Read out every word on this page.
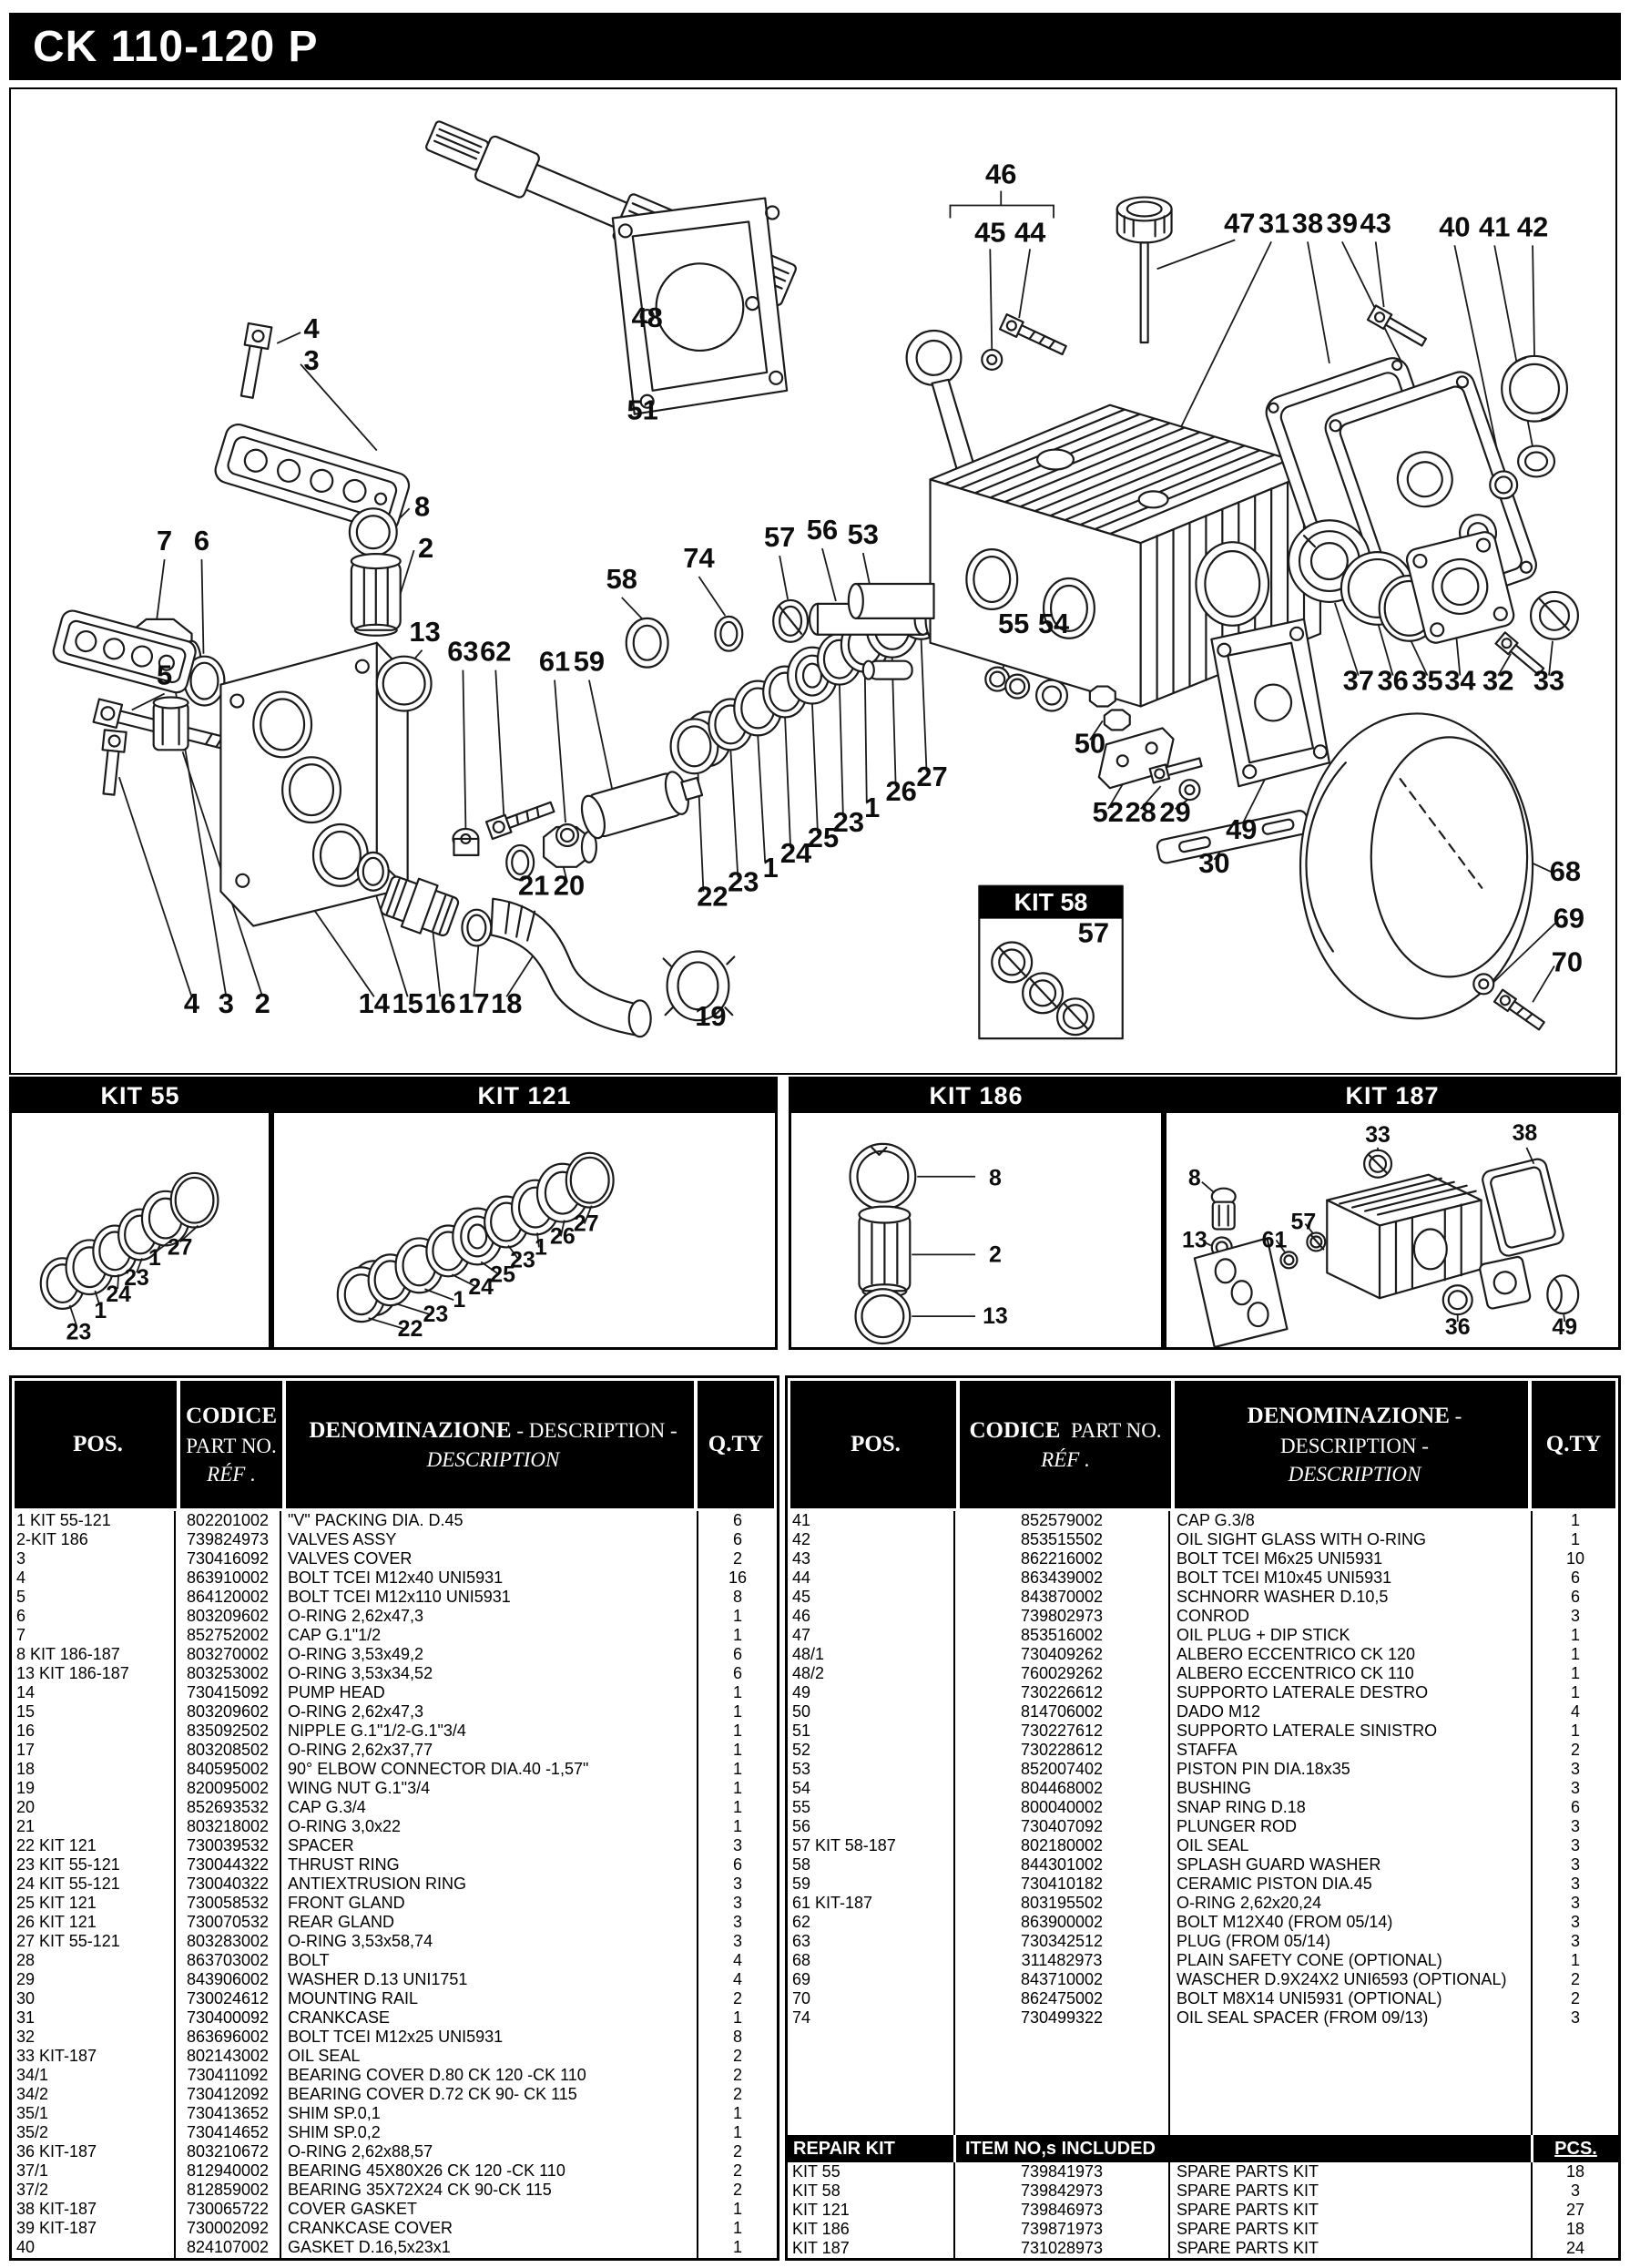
CK 110-120 P
KIT 58
46
45 44	47 31 38 39 43 40 41 42
4
3
48
51
8
2
7 6
74
57 56 53
13
58
63 62 61 59
55 54
37 36 35 34 32 33
5
50
26 27
1
23
25
24
23 1
22
21 20
52 28 29
30
49
68
69
70
4 3 2	14 15 16 17 18	19
57
KIT 55
23
1
24
23
1 27
KIT 121
22
23
1 24
25
23 1 26
27
KIT 186
8
2
13
KIT 187
8
13 61
57
33	38
36	49
POS.
CODICE
PART NO.
RÉF .
DENOMINAZIONE - DESCRIPTION -
DESCRIPTION
Q.TY
1 KIT 55-121	802201002	"V" PACKING DIA. D.45	6
2-KIT 186	739824973	VALVES ASSY	6
3	730416092	VALVES COVER	2
4	863910002	BOLT TCEI M12x40 UNI5931	16
5	864120002	BOLT TCEI M12x110 UNI5931	8
6	803209602	O-RING 2,62x47,3	1
7	852752002	CAP G.1"1/2	1
8 KIT 186-187	803270002	O-RING 3,53x49,2	6
13 KIT 186-187	803253002	O-RING 3,53x34,52	6
14	730415092	PUMP HEAD	1
15	803209602	O-RING 2,62x47,3	1
16	835092502	NIPPLE G.1"1/2-G.1"3/4	1
17	803208502	O-RING 2,62x37,77	1
18	840595002	90° ELBOW CONNECTOR DIA.40 -1,57"	1
19	820095002	WING NUT G.1"3/4	1
20	852693532	CAP G.3/4	1
21	803218002	O-RING 3,0x22	1
22 KIT 121	730039532	SPACER	3
23 KIT 55-121	730044322	THRUST RING	6
24 KIT 55-121	730040322	ANTIEXTRUSION RING	3
25 KIT 121	730058532	FRONT GLAND	3
26 KIT 121	730070532	REAR GLAND	3
27 KIT 55-121	803283002	O-RING 3,53x58,74	3
28	863703002	BOLT	4
29	843906002	WASHER D.13 UNI1751	4
30	730024612	MOUNTING RAIL	2
31	730400092	CRANKCASE	1
32	863696002	BOLT TCEI M12x25 UNI5931	8
33 KIT-187	802143002	OIL SEAL	2
34/1	730411092	BEARING COVER D.80 CK 120 -CK 110	2
34/2	730412092	BEARING COVER D.72 CK 90- CK 115	2
35/1	730413652	SHIM SP.0,1	1
35/2	730414652	SHIM SP.0,2	1
36 KIT-187	803210672	O-RING 2,62x88,57	2
37/1	812940002	BEARING 45X80X26 CK 120 -CK 110	2
37/2	812859002	BEARING 35X72X24 CK 90-CK 115	2
38 KIT-187	730065722	COVER GASKET	1
39 KIT-187	730002092	CRANKCASE COVER	1
40	824107002	GASKET D.16,5x23x1	1
POS.
CODICE PART NO.
RÉF .
DENOMINAZIONE - DESCRIPTION -
DESCRIPTION
Q.TY
41	852579002	CAP G.3/8	1
42	853515502	OIL SIGHT GLASS WITH O-RING	1
43	862216002	BOLT TCEI M6x25 UNI5931	10
44	863439002	BOLT TCEI M10x45 UNI5931	6
45	843870002	SCHNORR WASHER D.10,5	6
46	739802973	CONROD	3
47	853516002	OIL PLUG + DIP STICK	1
48/1	730409262	ALBERO ECCENTRICO CK 120	1
48/2	760029262	ALBERO ECCENTRICO CK 110	1
49	730226612	SUPPORTO LATERALE DESTRO	1
50	814706002	DADO M12	4
51	730227612	SUPPORTO LATERALE SINISTRO	1
52	730228612	STAFFA	2
53	852007402	PISTON PIN DIA.18x35	3
54	804468002	BUSHING	3
55	800040002	SNAP RING D.18	6
56	730407092	PLUNGER ROD	3
57 KIT 58-187	802180002	OIL SEAL	3
58	844301002	SPLASH GUARD WASHER	3
59	730410182	CERAMIC PISTON DIA.45	3
61 KIT-187	803195502	O-RING 2,62x20,24	3
62	863900002	BOLT M12X40 (FROM 05/14)	3
63	730342512	PLUG (FROM 05/14)	3
68	311482973	PLAIN SAFETY CONE (OPTIONAL)	1
69	843710002	WASCHER D.9X24X2 UNI6593 (OPTIONAL)	2
70	862475002	BOLT M8X14 UNI5931 (OPTIONAL)	2
74	730499322	OIL SEAL SPACER (FROM 09/13)	3
REPAIR KIT	ITEM NO,s INCLUDED	PCS.
KIT 55	739841973	SPARE PARTS KIT	18
KIT 58	739842973	SPARE PARTS KIT	3
KIT 121	739846973	SPARE PARTS KIT	27
KIT 186	739871973	SPARE PARTS KIT	18
KIT 187	731028973	SPARE PARTS KIT	24
